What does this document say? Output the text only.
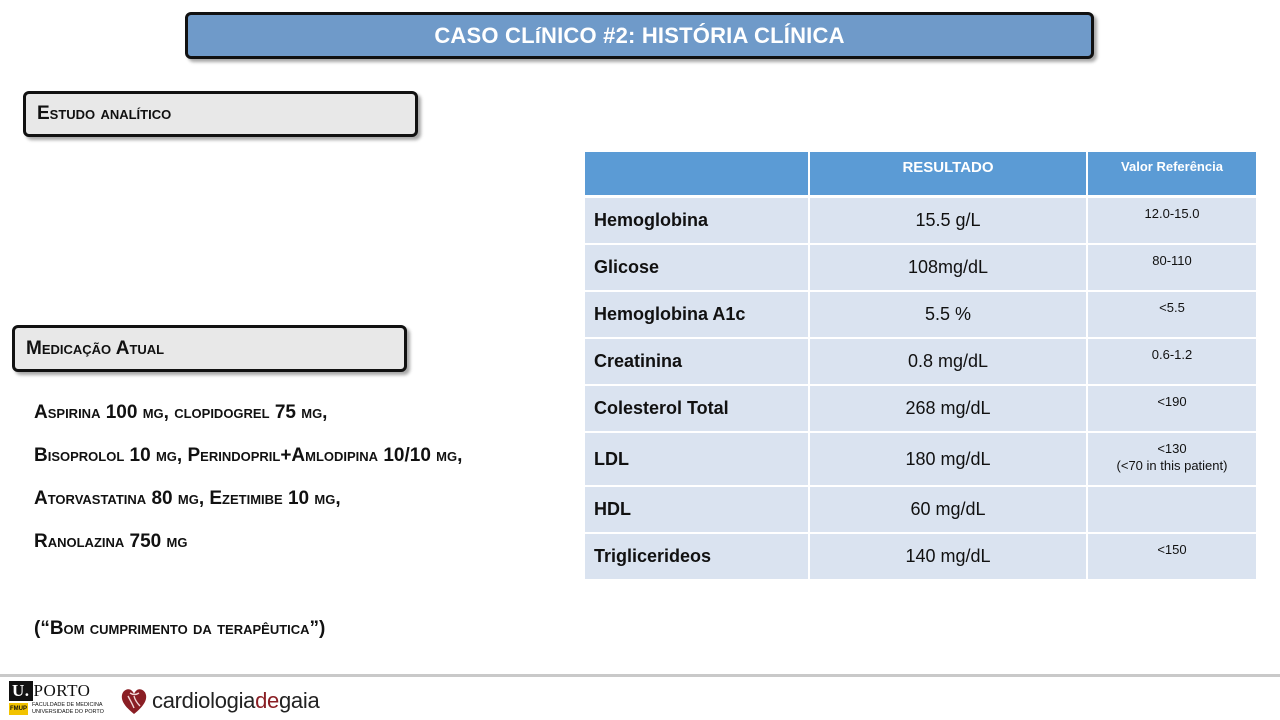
CASO CLíNICO #2: HISTÓRIA CLÍNICA
Estudo analítico
	RESULTADO	Valor Referência
Hemoglobina	15.5 g/L	12.0-15.0
Glicose	108mg/dL	80-110
Hemoglobina A1c	5.5 %	<5.5
Creatinina	0.8 mg/dL	0.6-1.2
Colesterol Total	268 mg/dL	<190
LDL	180 mg/dL	<130
(<70 in this patient)

HDL	60 mg/dL	
Triglicerideos	140 mg/dL	<150
Medicação Atual
Aspirina 100 mg, clopidogrel 75 mg,
Bisoprolol 10 mg, Perindopril+Amlodipina 10/10 mg,
Atorvastatina 80 mg, Ezetimibe 10 mg,
Ranolazina 750 mg
(“Bom cumprimento da terapêutica”)
U. PORTO
FMUP
FACULDADE DE MEDICINA
UNIVERSIDADE DO PORTO cardiologiadegaia
